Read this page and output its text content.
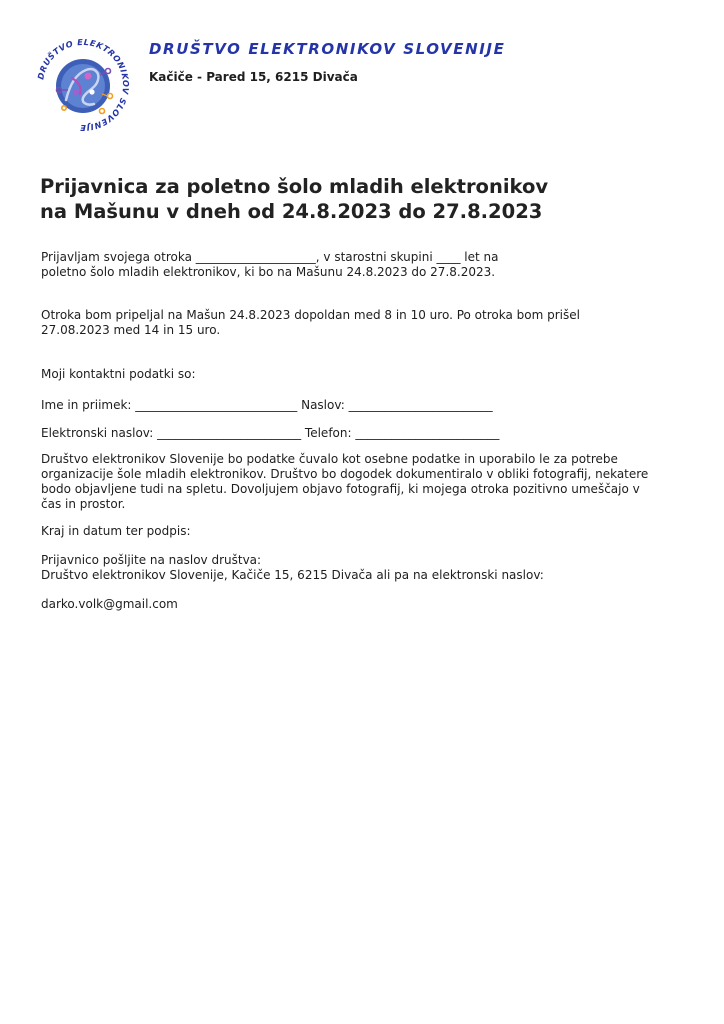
DRUŠTVO ELEKTRONIKOV SLOVENIJE
DRUŠTVO ELEKTRONIKOV SLOVENIJE
Kačiče - Pared 15, 6215 Divača
Prijavnica za poletno šolo mladih elektronikov
na Mašunu v dneh od 24.8.2023 do 27.8.2023
Prijavljam svojega otroka ____________________, v starostni skupini ____ let na
poletno šolo mladih elektronikov, ki bo na Mašunu 24.8.2023 do 27.8.2023.
Otroka bom pripeljal na Mašun 24.8.2023 dopoldan med 8 in 10 uro. Po otroka bom prišel
27.08.2023 med 14 in 15 uro.
Moji kontaktni podatki so:
Ime in priimek: ___________________________ Naslov: ________________________
Elektronski naslov: ________________________ Telefon: ________________________
Društvo elektronikov Slovenije bo podatke čuvalo kot osebne podatke in uporabilo le za potrebe
organizacije šole mladih elektronikov. Društvo bo dogodek dokumentiralo v obliki fotografij, nekatere
bodo objavljene tudi na spletu. Dovoljujem objavo fotografij, ki mojega otroka pozitivno umeščajo v
čas in prostor.
Kraj in datum ter podpis:
Prijavnico pošljite na naslov društva:
Društvo elektronikov Slovenije, Kačiče 15, 6215 Divača ali pa na elektronski naslov:
darko.volk@gmail.com
